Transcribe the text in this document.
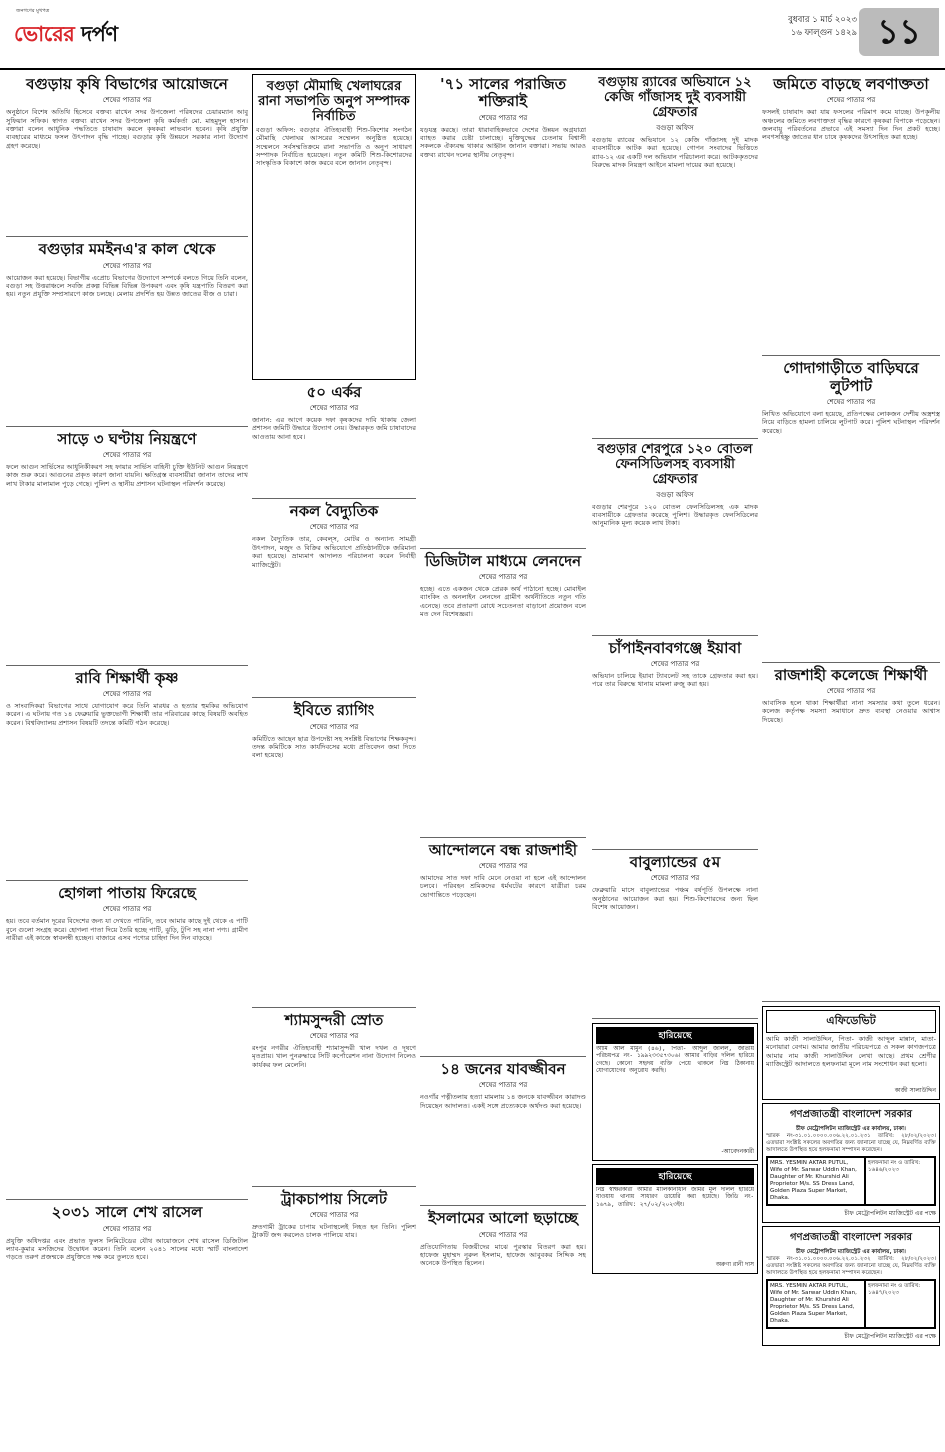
জনগণের মুখপত্র
ভোরের দর্পণ
বুধবার ১ মার্চ ২০২৩
১৬ ফাল্গুন ১৪২৯ ১১
বগুড়ায় কৃষি বিভাগের আয়োজনে
শেষের পাতার পর
অনুষ্ঠানে বিশেষ অতিথি হিসেবে বক্তব্য রাখেন সদর উপজেলা পরিষদের চেয়ারম্যান আবু সুফিয়ান সফিক। স্বাগত বক্তব্য রাখেন সদর উপজেলা কৃষি কর্মকর্তা মো. মাহমুদুল হাসান। বক্তারা বলেন আধুনিক পদ্ধতিতে চাষাবাদ করলে কৃষকরা লাভবান হবেন। কৃষি প্রযুক্তি ব্যবহারের মাধ্যমে ফসল উৎপাদন বৃদ্ধি পাচ্ছে। বগুড়ার কৃষি উন্নয়নে সরকার নানা উদ্যোগ গ্রহণ করেছে।
বগুড়ার মমইনএ'র কাল থেকে
শেষের পাতার পর
আয়োজন করা হয়েছে। বিভাগীয় এপ্রোচ বিভাগের উদ্যোগে সম্পর্কে বলতে গিয়ে তিনি বলেন, বগুড়া সহ উত্তরাঞ্চলে সবজি প্রকল্প বিভিন্ন বিভিন্ন উপকরণ এবং কৃষি যন্ত্রপাতি বিতরণ করা হয়। নতুন প্রযুক্তি সম্প্রসারণে কাজ চলছে। মেলায় প্রদর্শিত হয় উন্নত জাতের বীজ ও চারা।
সাড়ে ৩ ঘণ্টায় নিয়ন্ত্রণে
শেষের পাতার পর
ফলে আগুন সার্ভিসের আধুনিকীকরণ সহ ফায়ার সার্ভিস বাহিনী চুক্তি ইউনিট আগুন নিয়ন্ত্রণে কাজ শুরু করে। আগুনের প্রকৃত কারণ জানা যায়নি। ক্ষতিগ্রস্ত ব্যবসায়ীরা জানান তাদের লাখ লাখ টাকার মালামাল পুড়ে গেছে। পুলিশ ও স্থানীয় প্রশাসন ঘটনাস্থল পরিদর্শন করেছে।
রাবি শিক্ষার্থী কৃষ্ণ
শেষের পাতার পর
ও সাংবাদিকরা বিভাগের সাথে যোগাযোগ করে তিনি মারধর ও হত্যার হুমকির অভিযোগ করেন। এ ঘটনায় গত ১৪ ফেব্রুয়ারি ভুক্তভোগী শিক্ষার্থী তার পরিবারের কাছে বিষয়টি অবহিত করেন। বিশ্ববিদ্যালয় প্রশাসন বিষয়টি তদন্তে কমিটি গঠন করেছে।
হোগলা পাতায় ফিরেছে
শেষের পাতার পর
হয়। তবে বর্তমান দূরের বিদেশের জন্য যা দেখতে পারিনি, তবে আমার কাছে দুই থেকে এ পাটি বুনে গুলো সংগ্রহ করে। হোগলা পাতা দিয়ে তৈরি হচ্ছে পাটি, ঝুড়ি, টুপি সহ নানা পণ্য। গ্রামীণ নারীরা এই কাজে স্বাবলম্বী হচ্ছেন। বাজারে এসব পণ্যের চাহিদা দিন দিন বাড়ছে।
২০৩১ সালে শেখ রাসেল
শেষের পাতার পর
প্রযুক্তি অধিদপ্তর এবং প্রভাত ফুলস লিমিটেডের যৌথ আয়োজনে শেখ রাসেল ডিজিটাল ল্যাব-কুমার মসজিদের উদ্বোধন করেন। তিনি বলেন ২০৪১ সালের মধ্যে স্মার্ট বাংলাদেশ গড়তে তরুণ প্রজন্মকে প্রযুক্তিতে দক্ষ করে তুলতে হবে।
বগুড়া মৌমাছি খেলাঘরের রানা সভাপতি অনুপ সম্পাদক নির্বাচিত
বগুড়া অফিস: বগুড়ার ঐতিহ্যবাহী শিশু-কিশোর সংগঠন মৌমাছি খেলাঘর আসরের সম্মেলন অনুষ্ঠিত হয়েছে। সম্মেলনে সর্বসম্মতিক্রমে রানা সভাপতি ও অনুপ সাধারণ সম্পাদক নির্বাচিত হয়েছেন। নতুন কমিটি শিশু-কিশোরদের সাংস্কৃতিক বিকাশে কাজ করবে বলে জানান নেতৃবৃন্দ।
৫০ এর্কর
শেষের পাতার পর
জানান: এর আগে কয়েক দফা কৃষকদের দাবি থাকায় জেলা প্রশাসন জমিটি উদ্ধারে উদ্যোগ নেয়। উদ্ধারকৃত জমি চাষাবাদের আওতায় আনা হবে।
নকল বৈদ্যুতিক
শেষের পাতার পর
নকল বৈদ্যুতিক তার, কেবল্স, মোটর ও অন্যান্য সামগ্রী উৎপাদন, মজুদ ও বিক্রির অভিযোগে প্রতিষ্ঠানটিকে জরিমানা করা হয়েছে। ভ্রাম্যমাণ আদালত পরিচালনা করেন নির্বাহী ম্যাজিস্ট্রেট।
ইবিতে র‌্যাগিং
শেষের পাতার পর
কমিটিতে আছেন ছাত্র উপদেষ্টা সহ সংশ্লিষ্ট বিভাগের শিক্ষকবৃন্দ। তদন্ত কমিটিকে সাত কার্যদিবসের মধ্যে প্রতিবেদন জমা দিতে বলা হয়েছে।
শ্যামসুন্দরী স্রোত
শেষের পাতার পর
রংপুর নগরীর ঐতিহ্যবাহী শ্যামাসুন্দরী খাল দখল ও দূষণে মৃতপ্রায়। খাল পুনরুদ্ধারে সিটি কর্পোরেশন নানা উদ্যোগ নিলেও কার্যকর ফল মেলেনি।
ট্রাকচাপায় সিলেট
শেষের পাতার পর
দ্রুতগামী ট্রাকের চাপায় ঘটনাস্থলেই নিহত হন তিনি। পুলিশ ট্রাকটি জব্দ করলেও চালক পালিয়ে যায়।
'৭১ সালের পরাজিত শক্তিরাই
শেষের পাতার পর
যড়যন্ত্র করছে। তারা ধারাবাহিকভাবে দেশের উন্নয়ন অগ্রযাত্রা ব্যাহত করার চেষ্টা চালাচ্ছে। মুক্তিযুদ্ধের চেতনায় বিশ্বাসী সকলকে ঐক্যবদ্ধ থাকার আহ্বান জানান বক্তারা। সভায় আরও বক্তব্য রাখেন দলের স্থানীয় নেতৃবৃন্দ।
ডিজিটাল মাধ্যমে লেনদেন
শেষের পাতার পর
হচ্ছে। এতে একজন থেকে প্রেরক অর্থ পাঠানো হচ্ছে। মোবাইল ব্যাংকিং ও অনলাইন লেনদেন গ্রামীণ অর্থনীতিতে নতুন গতি এনেছে। তবে প্রতারণা রোধে সচেতনতা বাড়ানো প্রয়োজন বলে মত দেন বিশেষজ্ঞরা।
আন্দোলনে বন্ধ রাজশাহী
শেষের পাতার পর
আমাদের সাত দফা দাবি মেনে নেওয়া না হলে এই আন্দোলন চলবে। পরিবহন শ্রমিকদের ধর্মঘটের কারণে যাত্রীরা চরম ভোগান্তিতে পড়েছেন।
১৪ জনের যাবজ্জীবন
শেষের পাতার পর
নওগাঁর পত্নীতলায় হত্যা মামলায় ১৪ জনকে যাবজ্জীবন কারাদণ্ড দিয়েছেন আদালত। একই সঙ্গে প্রত্যেককে অর্থদণ্ড করা হয়েছে।
ইসলামের আলো ছড়াচ্ছে
শেষের পাতার পর
প্রতিযোগিতায় বিজয়ীদের মাঝে পুরস্কার বিতরণ করা হয়। হাফেজ মুহাম্মদ নূরুল ইসলাম, হাফেজ আবুবকর সিদ্দিক সহ অনেকে উপস্থিত ছিলেন।
বগুড়ায় র‍্যাবের অভিযানে ১২ কেজি গাঁজাসহ দুই ব্যবসায়ী গ্রেফতার
বগুড়া অফিস
বগুড়ায় র‍্যাবের অভিযানে ১২ কেজি গাঁজাসহ দুই মাদক ব্যবসায়ীকে আটক করা হয়েছে। গোপন সংবাদের ভিত্তিতে র‍্যাব-১২ এর একটি দল অভিযান পরিচালনা করে। আটককৃতদের বিরুদ্ধে মাদক নিয়ন্ত্রণ আইনে মামলা দায়ের করা হয়েছে।
বগুড়ার শেরপুরে ১২০ বোতল ফেনসিডিলসহ ব্যবসায়ী গ্রেফতার
বগুড়া অফিস
বগুড়ার শেরপুরে ১২০ বোতল ফেনসিডিলসহ এক মাদক ব্যবসায়ীকে গ্রেফতার করেছে পুলিশ। উদ্ধারকৃত ফেনসিডিলের আনুমানিক মূল্য কয়েক লাখ টাকা।
চাঁপাইনবাবগঞ্জে ইয়াবা
শেষের পাতার পর
অভিযান চালিয়ে ইয়াবা ট্যাবলেট সহ তাকে গ্রেফতার করা হয়। পরে তার বিরুদ্ধে থানায় মামলা রুজু করা হয়।
বাবুল্যান্ডের ৫ম
শেষের পাতার পর
ফেব্রুয়ারি মাসে বাবুল্যান্ডের পঞ্চম বর্ষপূর্তি উপলক্ষে নানা অনুষ্ঠানের আয়োজন করা হয়। শিশু-কিশোরদের জন্য ছিল বিশেষ আয়োজন।
হারিয়েছে
আমি আল মামুন (৪৬), পিতা- আব্দুল জলিল, জাতীয় পরিচয়পত্র নং- ১৯৯২৩৩৫৭৩০৬। আমার বাড়ির দলিল হারিয়ে গেছে। কোনো সহৃদয় ব্যক্তি পেয়ে থাকলে নিম্ন ঠিকানায় যোগাযোগের অনুরোধ করছি।
-আবেদনকারী
হারিয়েছে
নিম্ন স্বাক্ষরকারী আমার মালিকানাধীন জমির মূল দলিল হারিয়ে যাওয়ায় থানায় সাধারণ ডায়েরি করা হয়েছে। জিডি নং- ১৬৭৯, তারিখ: ২৭/০২/২০২৩ইং।
অরুণা রানী দাস
জমিতে বাড়ছে লবণাক্ততা
শেষের পাতার পর
ফসলই চাষাবাদ করা যায় ফসলের পরিমাণ কমে যাচ্ছে। উপকূলীয় অঞ্চলের জমিতে লবণাক্ততা বৃদ্ধির কারণে কৃষকরা বিপাকে পড়েছেন। জলবায়ু পরিবর্তনের প্রভাবে এই সমস্যা দিন দিন প্রকট হচ্ছে। লবণসহিষ্ণু জাতের ধান চাষে কৃষকদের উৎসাহিত করা হচ্ছে।
গোদাগাড়ীতে বাড়িঘরে লুটপাট
শেষের পাতার পর
লিখিত অভিযোগে বলা হয়েছে, প্রতিপক্ষের লোকজন দেশীয় অস্ত্রশস্ত্র নিয়ে বাড়িতে হামলা চালিয়ে লুটপাট করে। পুলিশ ঘটনাস্থল পরিদর্শন করেছে।
রাজশাহী কলেজে শিক্ষার্থী
শেষের পাতার পর
আবাসিক হলে থাকা শিক্ষার্থীরা নানা সমস্যার কথা তুলে ধরেন। কলেজ কর্তৃপক্ষ সমস্যা সমাধানে দ্রুত ব্যবস্থা নেওয়ার আশ্বাস দিয়েছে।
এফিডেভিট
আমি কাজী সালাউদ্দিন, পিতা- কাজী আব্দুল মান্নান, মাতা-মনোয়ারা বেগম। আমার জাতীয় পরিচয়পত্রে ও সকল কাগজপত্রে আমার নাম কাজী সালাউদ্দিন লেখা আছে। প্রথম শ্রেণীর ম্যাজিস্ট্রেট আদালতে হলফনামা মূলে নাম সংশোধন করা হলো।
কাজী সালাউদ্দিন
গণপ্রজাতন্ত্রী বাংলাদেশ সরকার
চীফ মেট্রোপলিটন ম্যাজিস্ট্রেট এর কার্যালয়, ঢাকা।
স্মারক নং-৩১.০১.০০০০.০০৬.২২.০১.২৩১ তারিখ: ২৮/০২/২০২৩। এতদ্বারা সংশ্লিষ্ট সকলের অবগতির জন্য জানানো যাচ্ছে যে, নিম্নবর্ণিত ব্যক্তি আদালতে উপস্থিত হয়ে হলফনামা সম্পাদন করেছেন।
MRS. YESMIN AKTAR PUTUL, Wife of Mr. Sarwar Uddin Khan, Daughter of Mr. Khurshid Ali Proprietor M/s. SS Dress Land, Golden Plaza Super Market, Dhaka.
হলফনামা নং ও তারিখ: ১৬৪৬/২০২৩
চীফ মেট্রোপলিটন ম্যাজিস্ট্রেট এর পক্ষে
গণপ্রজাতন্ত্রী বাংলাদেশ সরকার
চীফ মেট্রোপলিটন ম্যাজিস্ট্রেট এর কার্যালয়, ঢাকা।
স্মারক নং-৩১.০১.০০০০.০০৬.২২.০১.২৩২ তারিখ: ২৮/০২/২০২৩। এতদ্বারা সংশ্লিষ্ট সকলের অবগতির জন্য জানানো যাচ্ছে যে, নিম্নবর্ণিত ব্যক্তি আদালতে উপস্থিত হয়ে হলফনামা সম্পাদন করেছেন।
MRS. YESMIN AKTAR PUTUL, Wife of Mr. Sarwar Uddin Khan, Daughter of Mr. Khurshid Ali Proprietor M/s. SS Dress Land, Golden Plaza Super Market, Dhaka.
হলফনামা নং ও তারিখ: ১৬৪৭/২০২৩
চীফ মেট্রোপলিটন ম্যাজিস্ট্রেট এর পক্ষে
